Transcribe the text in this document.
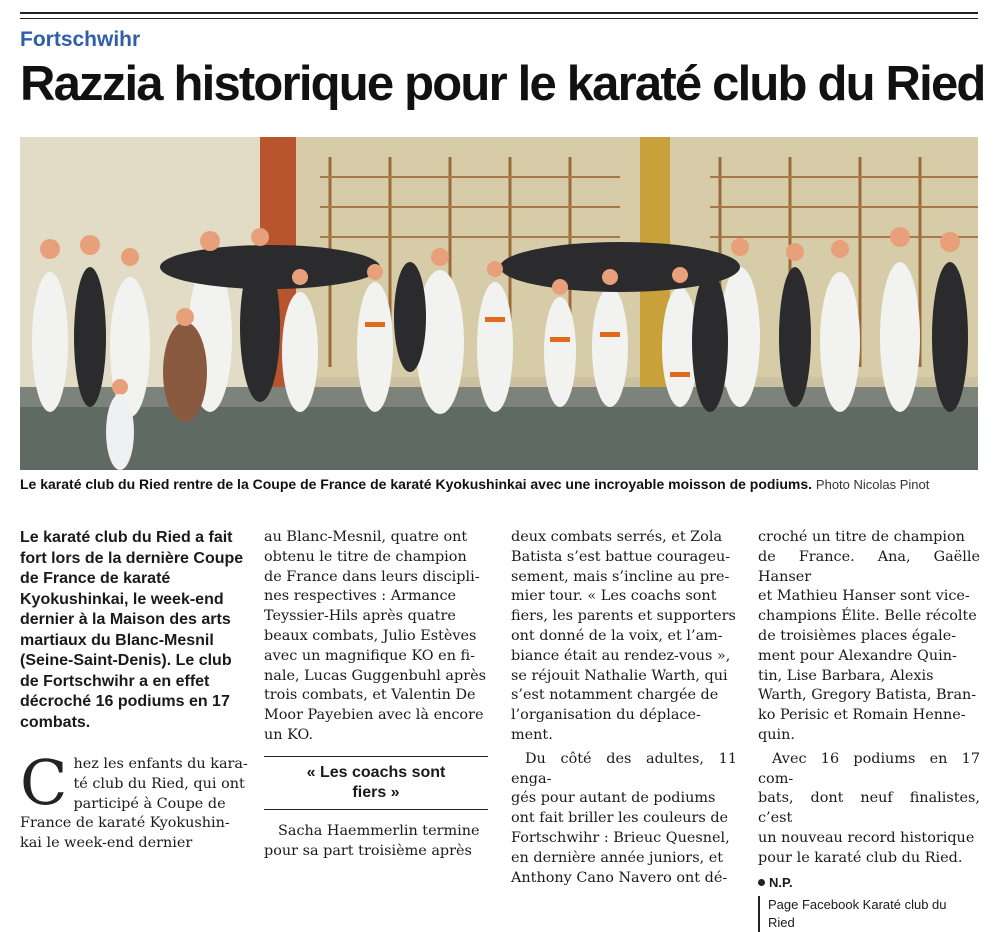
Fortschwihr
Razzia historique pour le karaté club du Ried

Le karaté club du Ried rentre de la Coupe de France de karaté Kyokushinkai avec une incroyable moisson de podiums. Photo Nicolas Pinot

Le karaté club du Ried a fait fort lors de la dernière Coupe de France de karaté Kyokushinkai, le week-end dernier à la Maison des arts martiaux du Blanc-Mesnil (Seine-Saint-Denis). Le club de Fortschwihr a en effet décroché 16 podiums en 17 combats.

C hez les enfants du kara-
té club du Ried, qui ont
participé à Coupe de
France de karaté Kyokushin-
kai le week-end dernier

au Blanc-Mesnil, quatre ont
obtenu le titre de champion
de France dans leurs discipli-
nes respectives : Armance
Teyssier-Hils après quatre
beaux combats, Julio Estèves
avec un magnifique KO en fi-
nale, Lucas Guggenbuhl après
trois combats, et Valentin De
Moor Payebien avec là encore
un KO.

« Les coachs sont
fiers »

Sacha Haemmerlin termine
pour sa part troisième après

deux combats serrés, et Zola
Batista s’est battue courageu-
sement, mais s’incline au pre-
mier tour. « Les coachs sont
fiers, les parents et supporters
ont donné de la voix, et l’am-
biance était au rendez-vous »,
se réjouit Nathalie Warth, qui
s’est notamment chargée de
l’organisation du déplace-
ment.

Du côté des adultes, 11 enga-
gés pour autant de podiums
ont fait briller les couleurs de
Fortschwihr : Brieuc Quesnel,
en dernière année juniors, et
Anthony Cano Navero ont dé-

croché un titre de champion
de France. Ana, Gaëlle Hanser
et Mathieu Hanser sont vice-
champions Élite. Belle récolte
de troisièmes places égale-
ment pour Alexandre Quin-
tin, Lise Barbara, Alexis
Warth, Gregory Batista, Bran-
ko Perisic et Romain Henne-
quin.

Avec 16 podiums en 17 com-
bats, dont neuf finalistes, c’est
un nouveau record historique
pour le karaté club du Ried.

N.P.

Page Facebook Karaté club du
Ried
